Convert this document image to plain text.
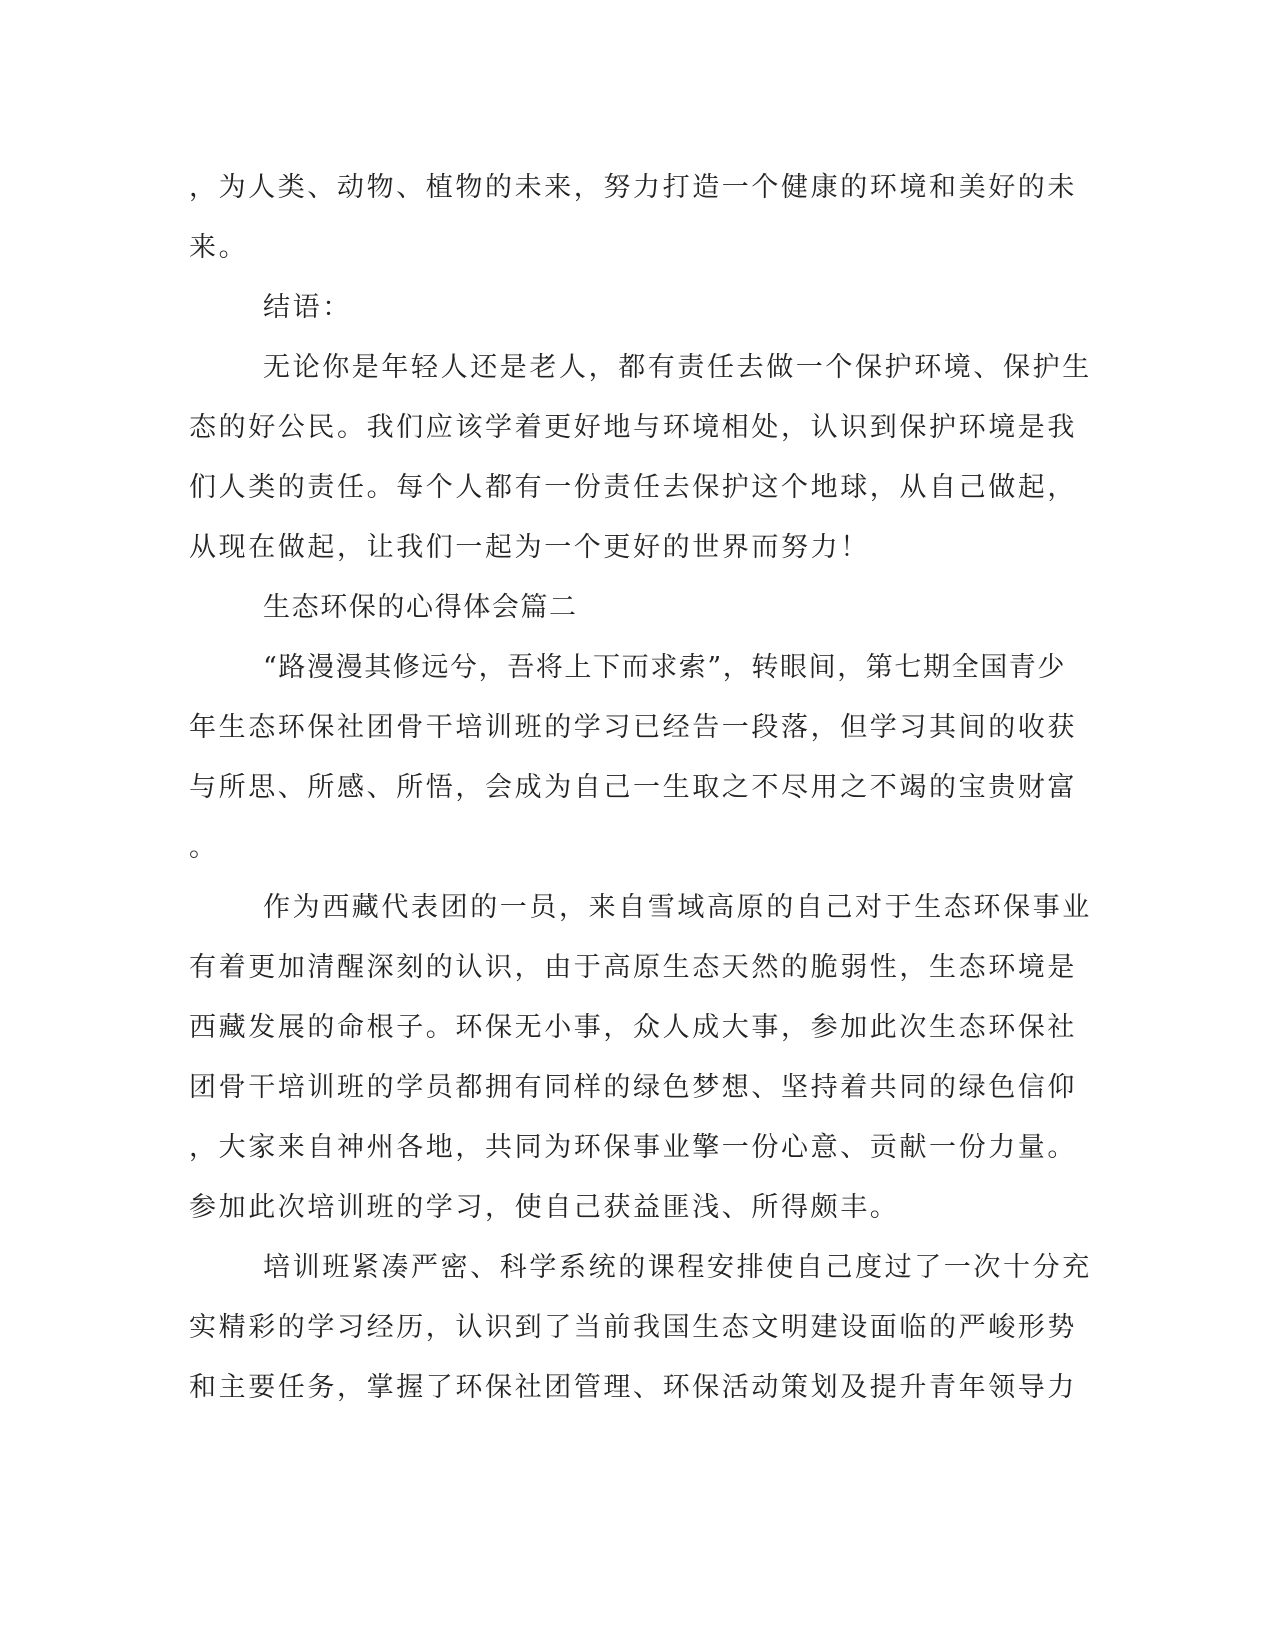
，为人类、动物、植物的未来，努力打造一个健康的环境和美好的未
来。
结语：
无论你是年轻人还是老人，都有责任去做一个保护环境、保护生
态的好公民。我们应该学着更好地与环境相处，认识到保护环境是我
们人类的责任。每个人都有一份责任去保护这个地球，从自己做起，
从现在做起，让我们一起为一个更好的世界而努力！
生态环保的心得体会篇二
“路漫漫其修远兮，吾将上下而求索”，转眼间，第七期全国青少
年生态环保社团骨干培训班的学习已经告一段落，但学习其间的收获
与所思、所感、所悟，会成为自己一生取之不尽用之不竭的宝贵财富
。
作为西藏代表团的一员，来自雪域高原的自己对于生态环保事业
有着更加清醒深刻的认识，由于高原生态天然的脆弱性，生态环境是
西藏发展的命根子。环保无小事，众人成大事，参加此次生态环保社
团骨干培训班的学员都拥有同样的绿色梦想、坚持着共同的绿色信仰
，大家来自神州各地，共同为环保事业擎一份心意、贡献一份力量。
参加此次培训班的学习，使自己获益匪浅、所得颇丰。
培训班紧凑严密、科学系统的课程安排使自己度过了一次十分充
实精彩的学习经历，认识到了当前我国生态文明建设面临的严峻形势
和主要任务，掌握了环保社团管理、环保活动策划及提升青年领导力
